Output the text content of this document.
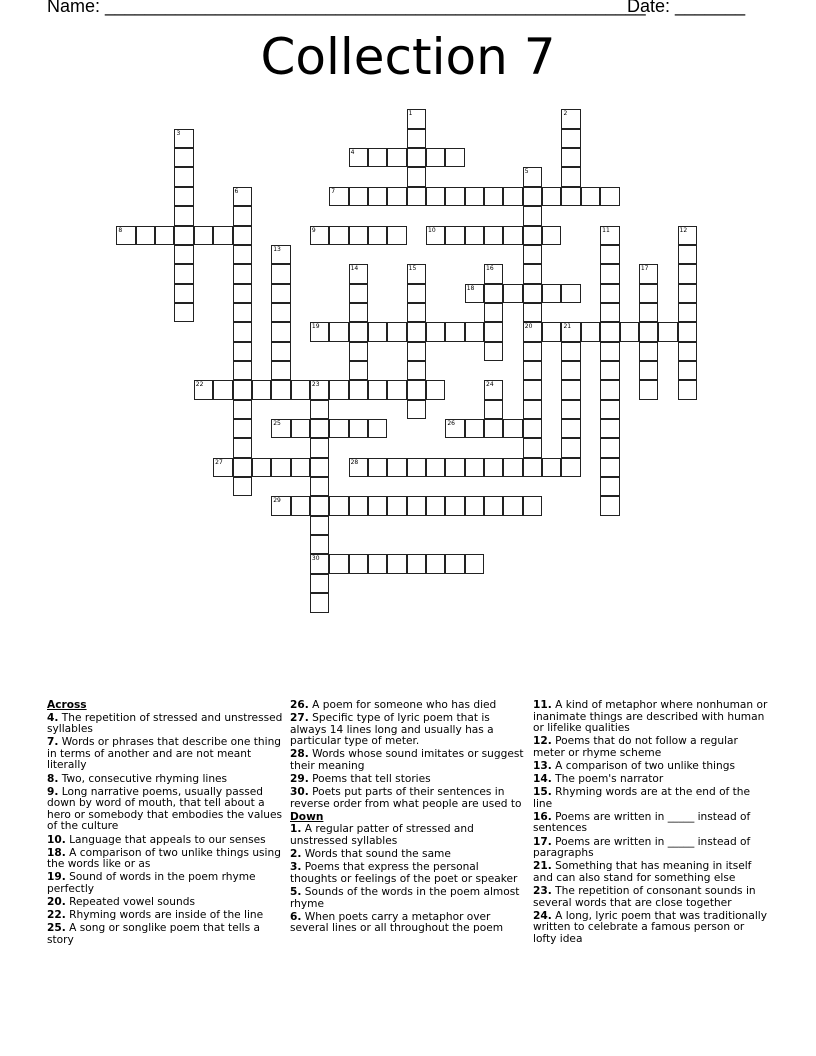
Name: ______________________________________________________
Date: _______
Collection 7
1	2
3
4
5
20
6	7
8	9	10	11	12
13
14	15	16	17
18
19	21
22	23
30
24
25	26
27	28
29
Across
4. The repetition of stressed and unstressed syllables
7. Words or phrases that describe one thing in terms of another and are not meant literally
8. Two, consecutive rhyming lines
9. Long narrative poems, usually passed down by word of mouth, that tell about a hero or somebody that embodies the values of the culture
10. Language that appeals to our senses
18. A comparison of two unlike things using the words like or as
19. Sound of words in the poem rhyme perfectly
20. Repeated vowel sounds
22. Rhyming words are inside of the line
25. A song or songlike poem that tells a story
26. A poem for someone who has died
27. Specific type of lyric poem that is always 14 lines long and usually has a particular type of meter.
28. Words whose sound imitates or suggest their meaning
29. Poems that tell stories
30. Poets put parts of their sentences in reverse order from what people are used to
Down
1. A regular patter of stressed and unstressed syllables
2. Words that sound the same
3. Poems that express the personal thoughts or feelings of the poet or speaker
5. Sounds of the words in the poem almost rhyme
6. When poets carry a metaphor over several lines or all throughout the poem
11. A kind of metaphor where nonhuman or inanimate things are described with human or lifelike qualities
12. Poems that do not follow a regular meter or rhyme scheme
13. A comparison of two unlike things
14. The poem's narrator
15. Rhyming words are at the end of the line
16. Poems are written in _____ instead of sentences
17. Poems are written in _____ instead of paragraphs
21. Something that has meaning in itself and can also stand for something else
23. The repetition of consonant sounds in several words that are close together
24. A long, lyric poem that was traditionally written to celebrate a famous person or lofty idea
